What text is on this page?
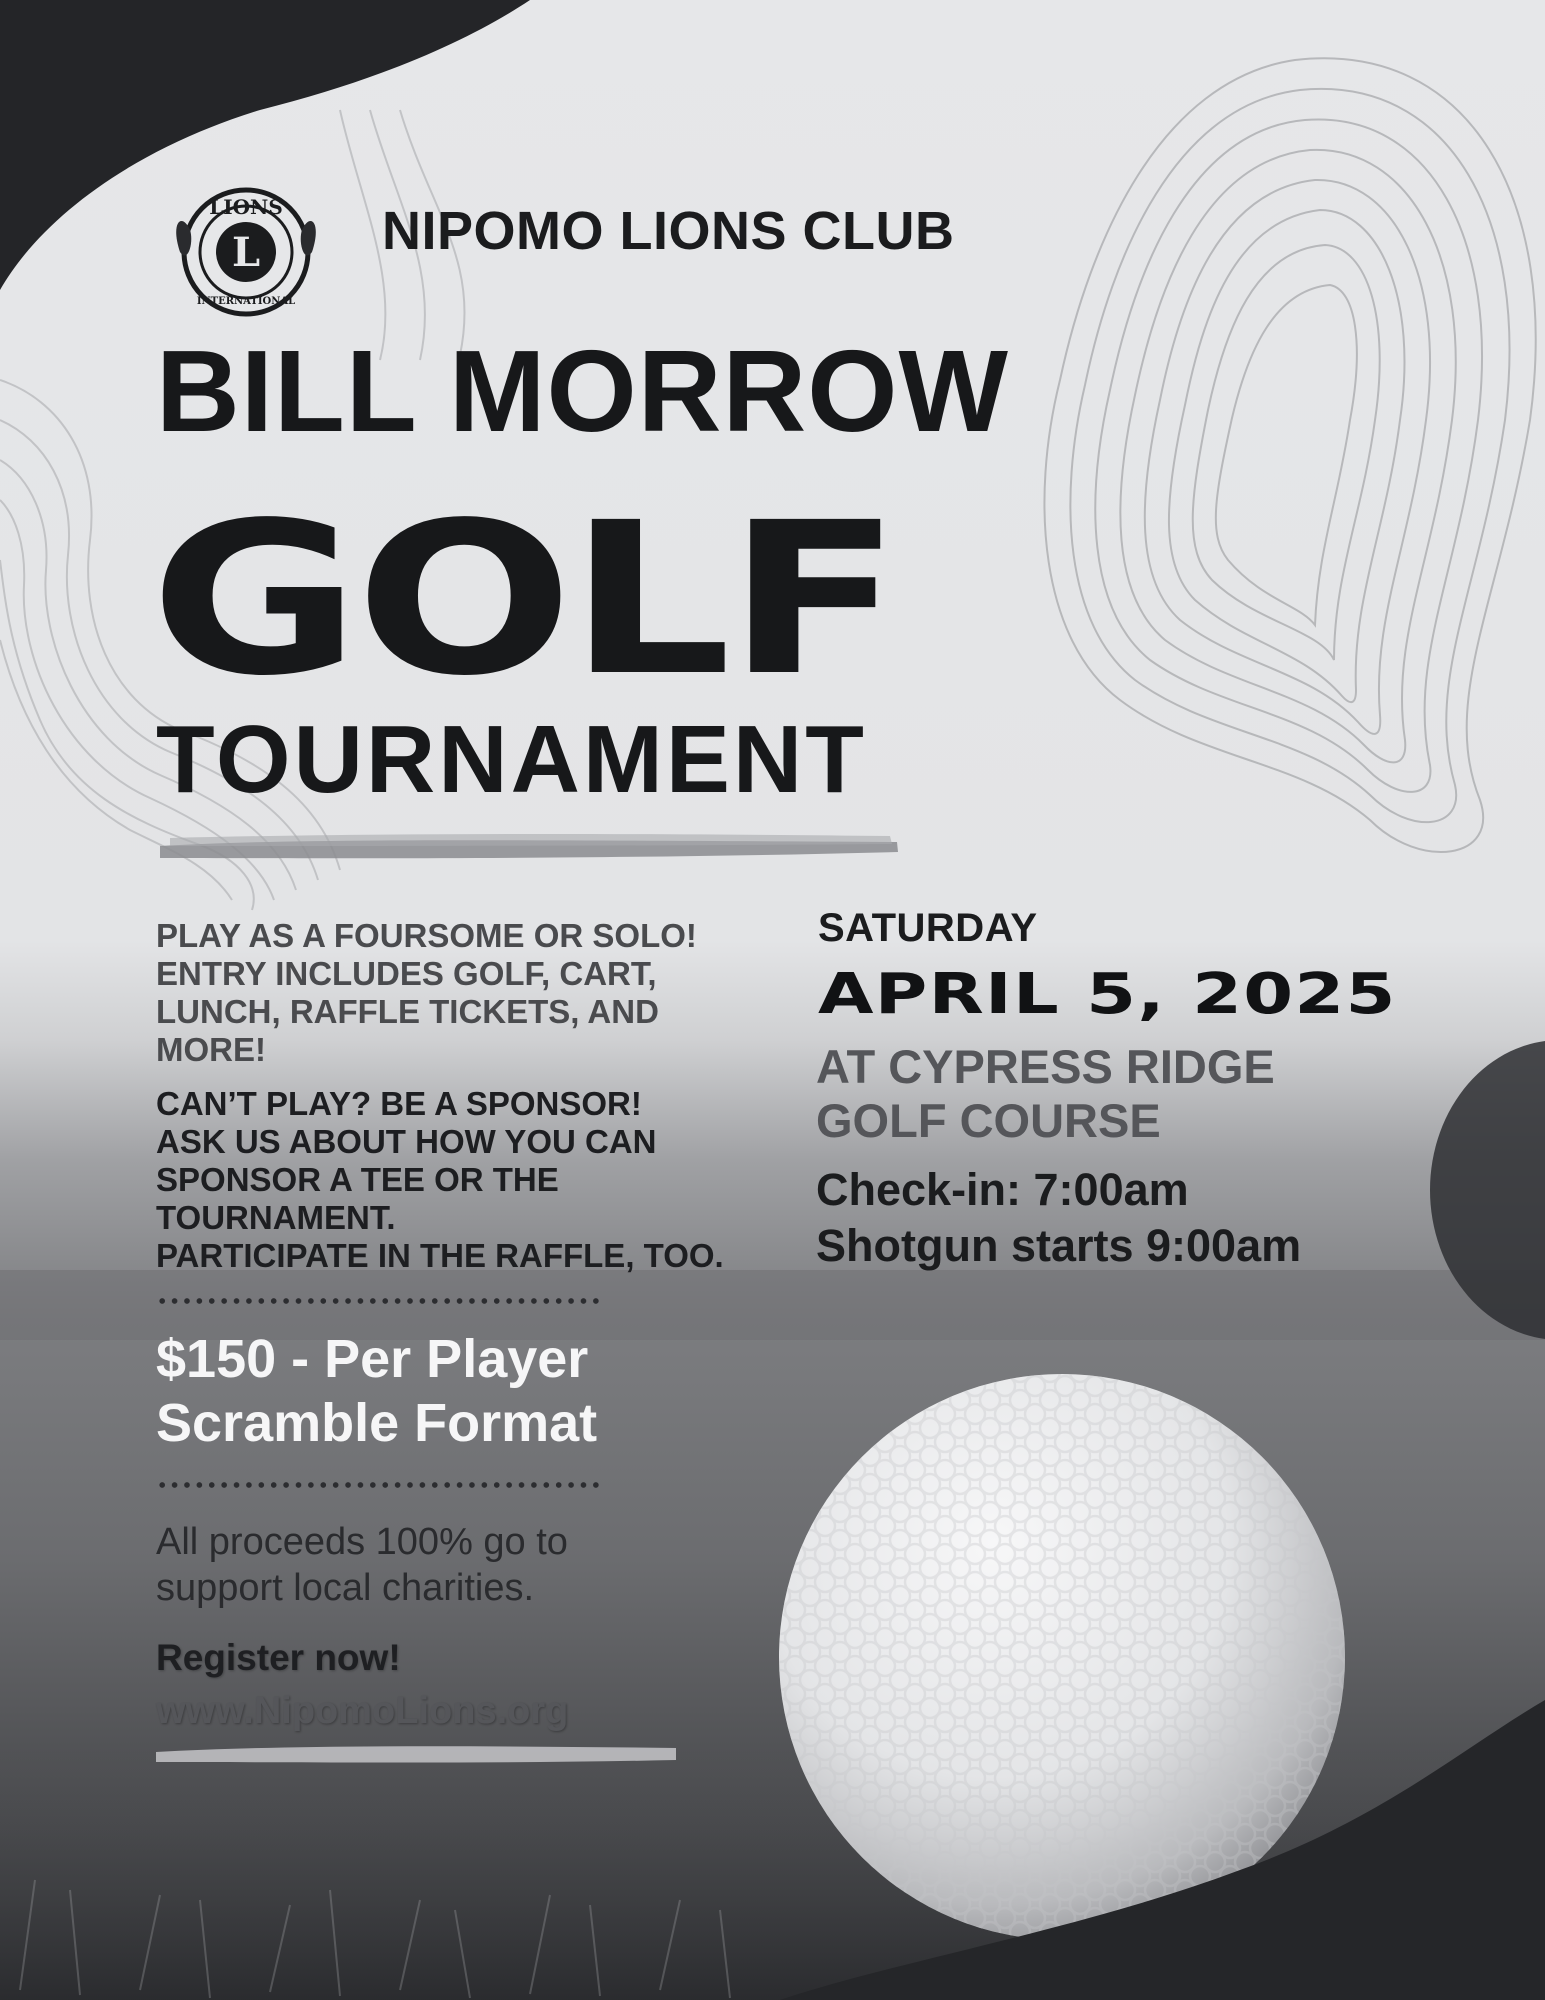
LIONS
L
INTERNATIONAL
NIPOMO LIONS CLUB
BILL MORROW
GOLF
TOURNAMENT
PLAY AS A FOURSOME OR SOLO!
ENTRY INCLUDES GOLF, CART,
LUNCH, RAFFLE TICKETS, AND
MORE!
CAN’T PLAY? BE A SPONSOR!
ASK US ABOUT HOW YOU CAN
SPONSOR A TEE OR THE
TOURNAMENT.
PARTICIPATE IN THE RAFFLE, TOO.
$150 - Per Player
Scramble Format
All proceeds 100% go to
support local charities.
Register now!
www.NipomoLions.org
SATURDAY
APRIL 5, 2025
AT CYPRESS RIDGE
GOLF COURSE
Check-in: 7:00am
Shotgun starts 9:00am
